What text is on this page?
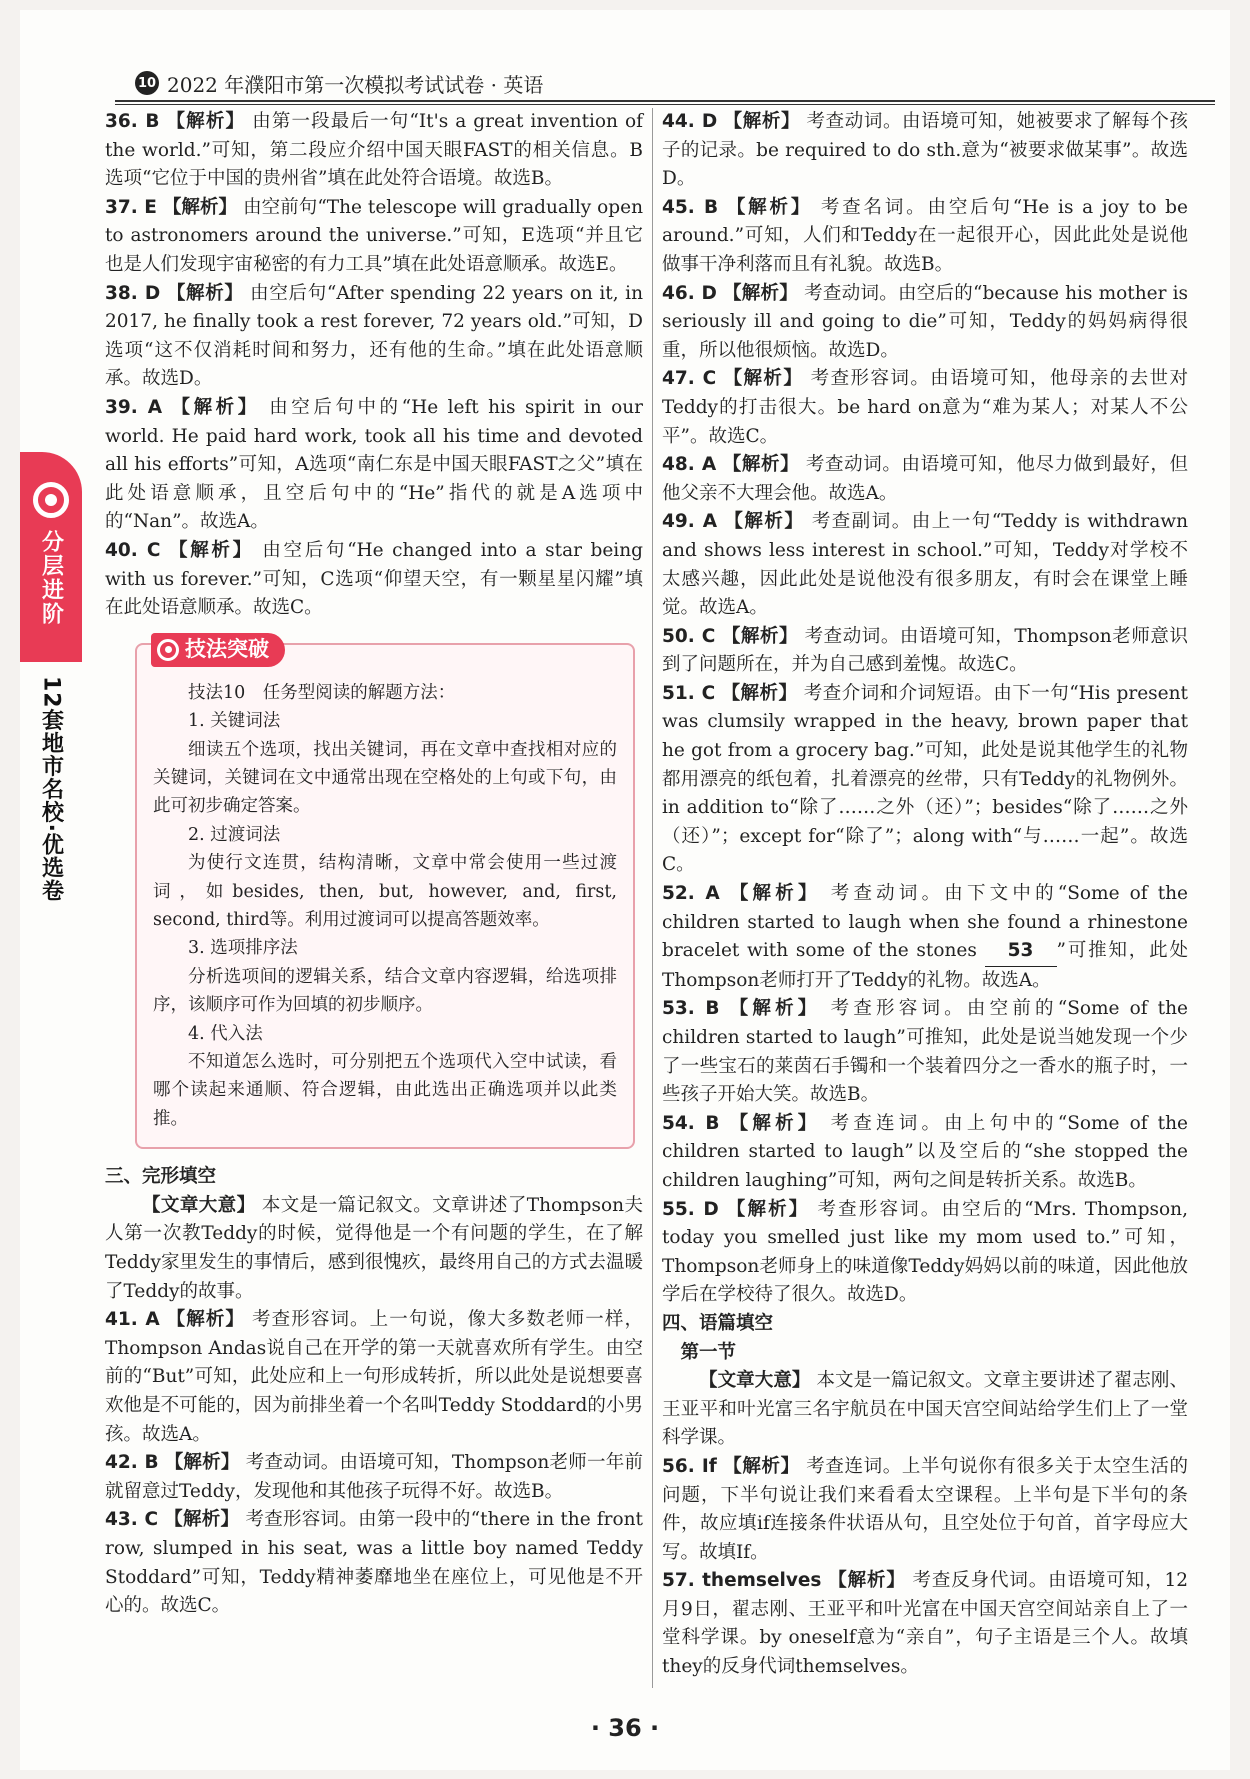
10 2022 年濮阳市第一次模拟考试试卷 · 英语
分层进阶
12套地市名校·优选卷

36. B 【解析】 由第一段最后一句“It's a great invention of the world.”可知，第二段应介绍中国天眼FAST的相关信息。B选项“它位于中国的贵州省”填在此处符合语境。故选B。

37. E 【解析】 由空前句“The telescope will gradually open to astronomers around the universe.”可知，E选项“并且它也是人们发现宇宙秘密的有力工具”填在此处语意顺承。故选E。

38. D 【解析】 由空后句“After spending 22 years on it, in 2017, he finally took a rest forever, 72 years old.”可知，D选项“这不仅消耗时间和努力，还有他的生命。”填在此处语意顺承。故选D。

39. A 【解析】 由空后句中的“He left his spirit in our world. He paid hard work, took all his time and devoted all his efforts”可知，A选项“南仁东是中国天眼FAST之父”填在此处语意顺承，且空后句中的“He”指代的就是A选项中的“Nan”。故选A。

40. C 【解析】 由空后句“He changed into a star being with us forever.”可知，C选项“仰望天空，有一颗星星闪耀”填在此处语意顺承。故选C。

技法突破

技法10　任务型阅读的解题方法：

1. 关键词法

细读五个选项，找出关键词，再在文章中查找相对应的关键词，关键词在文中通常出现在空格处的上句或下句，由此可初步确定答案。

2. 过渡词法

为使行文连贯，结构清晰，文章中常会使用一些过渡词，如besides, then, but, however, and, first, second, third等。利用过渡词可以提高答题效率。

3. 选项排序法

分析选项间的逻辑关系，结合文章内容逻辑，给选项排序，该顺序可作为回填的初步顺序。

4. 代入法

不知道怎么选时，可分别把五个选项代入空中试读，看哪个读起来通顺、符合逻辑，由此选出正确选项并以此类推。

三、完形填空

【文章大意】 本文是一篇记叙文。文章讲述了Thompson夫人第一次教Teddy的时候，觉得他是一个有问题的学生，在了解Teddy家里发生的事情后，感到很愧疚，最终用自己的方式去温暖了Teddy的故事。

41. A 【解析】 考查形容词。上一句说，像大多数老师一样，Thompson Andas说自己在开学的第一天就喜欢所有学生。由空前的“But”可知，此处应和上一句形成转折，所以此处是说想要喜欢他是不可能的，因为前排坐着一个名叫Teddy Stoddard的小男孩。故选A。

42. B 【解析】 考查动词。由语境可知，Thompson老师一年前就留意过Teddy，发现他和其他孩子玩得不好。故选B。

43. C 【解析】 考查形容词。由第一段中的“there in the front row, slumped in his seat, was a little boy named Teddy Stoddard”可知，Teddy精神萎靡地坐在座位上，可见他是不开心的。故选C。

44. D 【解析】 考查动词。由语境可知，她被要求了解每个孩子的记录。be required to do sth.意为“被要求做某事”。故选D。

45. B 【解析】 考查名词。由空后句“He is a joy to be around.”可知，人们和Teddy在一起很开心，因此此处是说他做事干净利落而且有礼貌。故选B。

46. D 【解析】 考查动词。由空后的“because his mother is seriously ill and going to die”可知，Teddy的妈妈病得很重，所以他很烦恼。故选D。

47. C 【解析】 考查形容词。由语境可知，他母亲的去世对Teddy的打击很大。be hard on意为“难为某人；对某人不公平”。故选C。

48. A 【解析】 考查动词。由语境可知，他尽力做到最好，但他父亲不大理会他。故选A。

49. A 【解析】 考查副词。由上一句“Teddy is withdrawn and shows less interest in school.”可知，Teddy对学校不太感兴趣，因此此处是说他没有很多朋友，有时会在课堂上睡觉。故选A。

50. C 【解析】 考查动词。由语境可知，Thompson老师意识到了问题所在，并为自己感到羞愧。故选C。

51. C 【解析】 考查介词和介词短语。由下一句“His present was clumsily wrapped in the heavy, brown paper that he got from a grocery bag.”可知，此处是说其他学生的礼物都用漂亮的纸包着，扎着漂亮的丝带，只有Teddy的礼物例外。in addition to“除了……之外（还）”；besides“除了……之外（还）”；except for“除了”；along with“与……一起”。故选C。

52. A 【解析】 考查动词。由下文中的“Some of the children started to laugh when she found a rhinestone bracelet with some of the stones 53 ”可推知，此处Thompson老师打开了Teddy的礼物。故选A。

53. B 【解析】 考查形容词。由空前的“Some of the children started to laugh”可推知，此处是说当她发现一个少了一些宝石的莱茵石手镯和一个装着四分之一香水的瓶子时，一些孩子开始大笑。故选B。

54. B 【解析】 考查连词。由上句中的“Some of the children started to laugh”以及空后的“she stopped the children laughing”可知，两句之间是转折关系。故选B。

55. D 【解析】 考查形容词。由空后的“Mrs. Thompson, today you smelled just like my mom used to.”可知，Thompson老师身上的味道像Teddy妈妈以前的味道，因此他放学后在学校待了很久。故选D。

四、语篇填空

第一节

【文章大意】 本文是一篇记叙文。文章主要讲述了翟志刚、王亚平和叶光富三名宇航员在中国天宫空间站给学生们上了一堂科学课。

56. If 【解析】 考查连词。上半句说你有很多关于太空生活的问题，下半句说让我们来看看太空课程。上半句是下半句的条件，故应填if连接条件状语从句，且空处位于句首，首字母应大写。故填If。

57. themselves 【解析】 考查反身代词。由语境可知，12月9日，翟志刚、王亚平和叶光富在中国天宫空间站亲自上了一堂科学课。by oneself意为“亲自”，句子主语是三个人。故填they的反身代词themselves。

· 36 ·
